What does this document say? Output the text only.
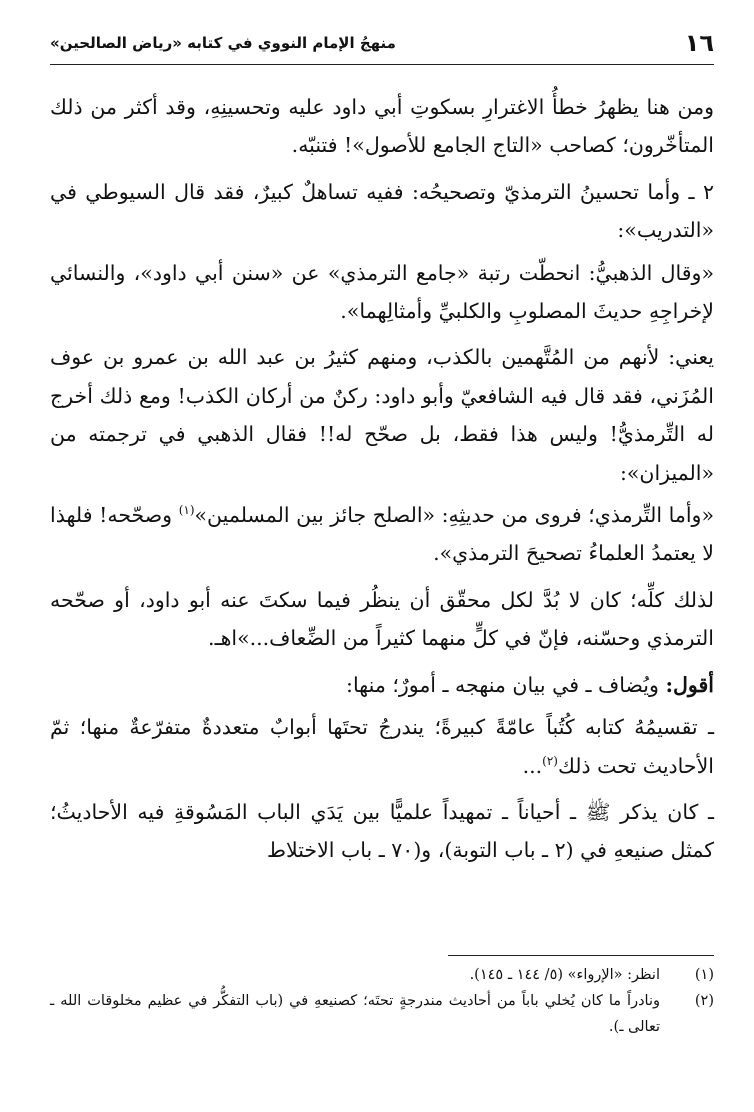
١٦
منهجُ الإمام النووي في كتابه «رياض الصالحين»

ومن هنا يظهرُ خطأُ الاغترارِ بسكوتِ أبي داود عليه وتحسينِهِ، وقد أكثر من ذلك المتأخّرون؛ كصاحب «التاج الجامع للأصول»! فتنبّه.

٢ ـ وأما تحسينُ الترمذيّ وتصحيحُه: ففيه تساهلٌ كبيرٌ، فقد قال السيوطي في «التدريب»:

«وقال الذهبيُّ: انحطّت رتبة «جامع الترمذي» عن «سنن أبي داود»، والنسائي لإخراجِهِ حديثَ المصلوبِ والكلبيِّ وأمثالِهما».

يعني: لأنهم من المُتَّهمين بالكذب، ومنهم كثيرُ بن عبد الله بن عمرو بن عوف المُزَني، فقد قال فيه الشافعيّ وأبو داود: ركنٌ من أركان الكذب! ومع ذلك أخرج له التِّرمذيُّ! وليس هذا فقط، بل صحّح له!! فقال الذهبي في ترجمته من «الميزان»:

«وأما التِّرمذي؛ فروى من حديثِهِ: «الصلح جائز بين المسلمين»$^{(١)}$ وصحّحه! فلهذا لا يعتمدُ العلماءُ تصحيحَ الترمذي».

لذلك كلِّه؛ كان لا بُدَّ لكل محقّق أن ينظُر فيما سكتَ عنه أبو داود، أو صحّحه الترمذي وحسّنه، فإنّ في كلٍّ منهما كثيراً من الضِّعاف...»اهـ.

أقول: ويُضاف ـ في بيان منهجه ـ أمورٌ؛ منها:

ـ تقسيمُهُ كتابه كُتُباً عامّةً كبيرةً؛ يندرجُ تحتَها أبوابٌ متعددةٌ متفرّعةٌ منها؛ ثمّ الأحاديث تحت ذلك$^{(٢)}$...

ـ كان يذكر ﷺ ـ أحياناً ـ تمهيداً علميًّا بين يَدَي الباب المَسُوقةِ فيه الأحاديثُ؛ كمثل صنيعهِ في (٢ ـ باب التوبة)، و(٧٠ ـ باب الاختلاط

(١)
انظر: «الإرواء» (٥/ ١٤٤ ـ ١٤٥).
(٢)
ونادراً ما كان يُخلي باباً من أحاديث مندرجةٍ تحتَه؛ كصنيعهِ في (باب التفكُّر في عظيم مخلوقات الله ـ تعالى ـ).
